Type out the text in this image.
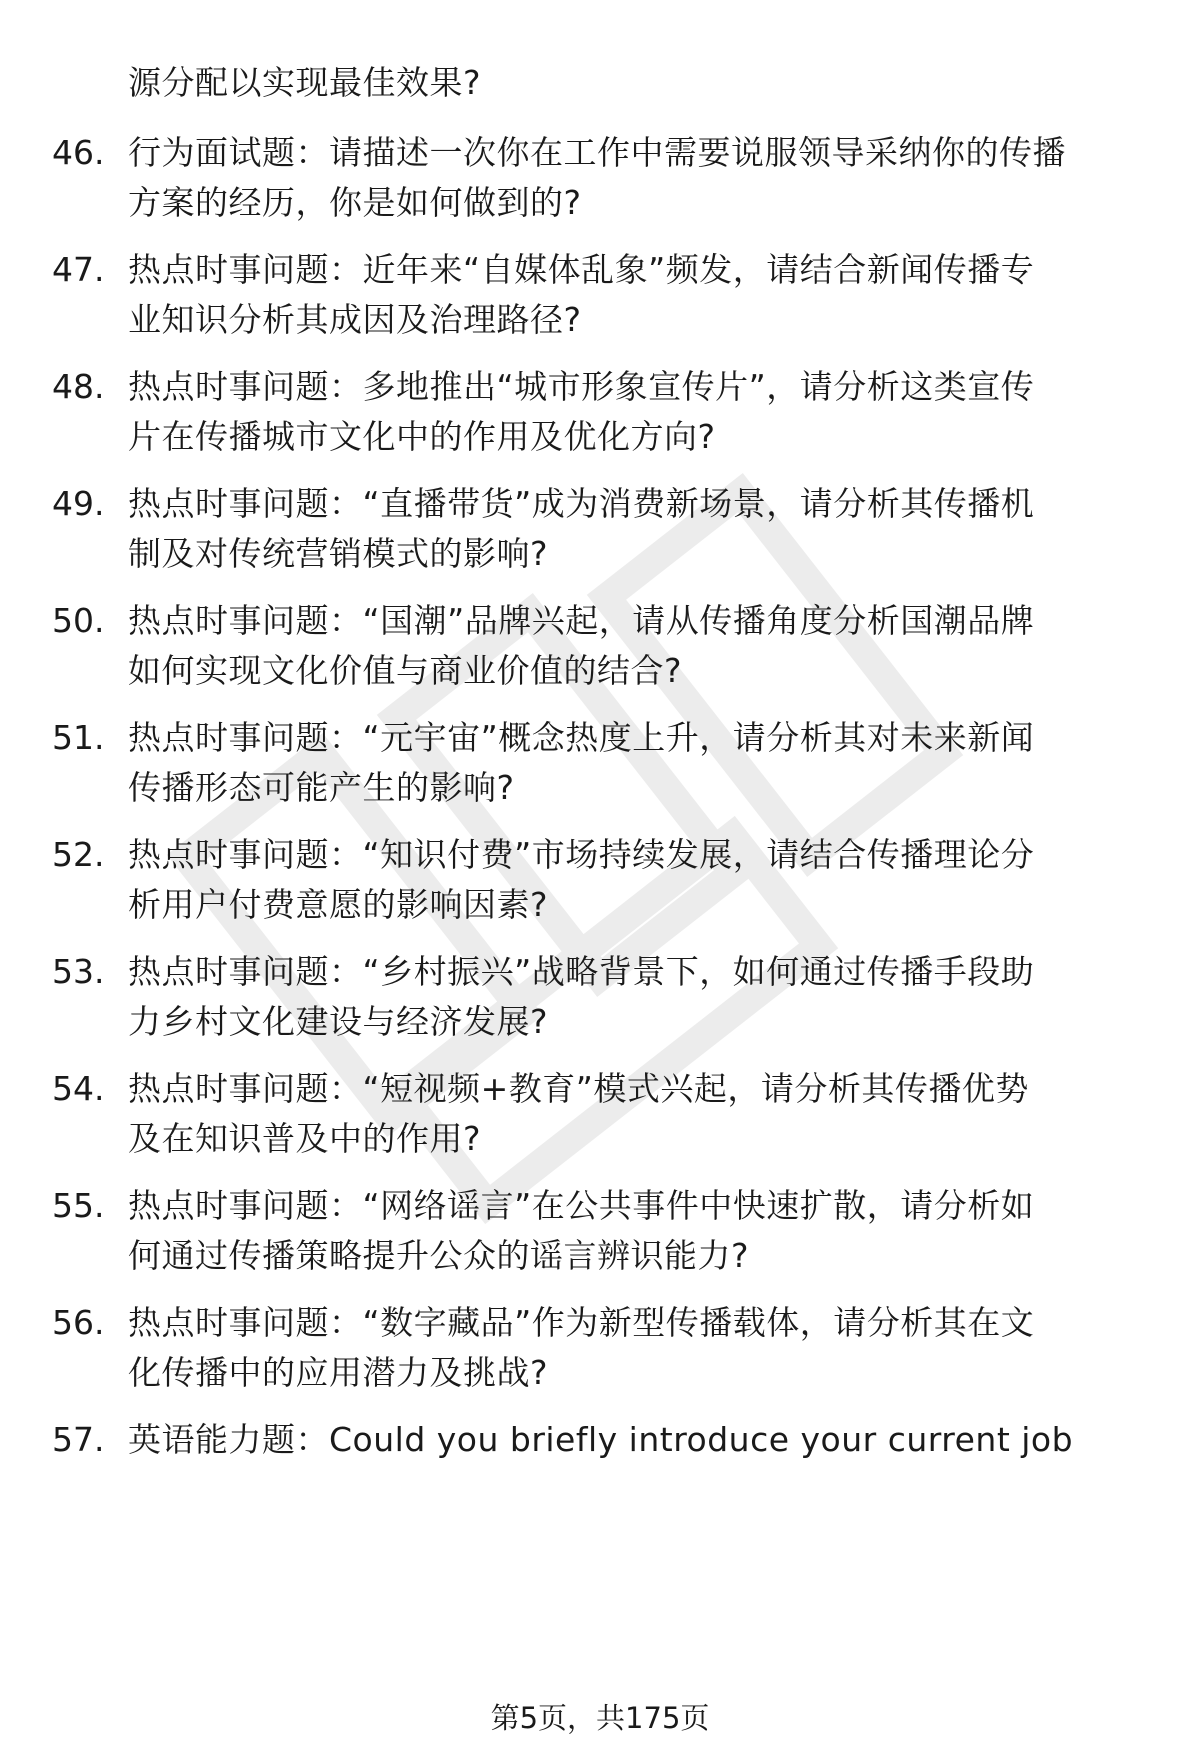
源分配以实现最佳效果?
46. 行为面试题：请描述一次你在工作中需要说服领导采纳你的传播
方案的经历，你是如何做到的?
47. 热点时事问题：近年来“自媒体乱象”频发，请结合新闻传播专
业知识分析其成因及治理路径?
48. 热点时事问题：多地推出“城市形象宣传片”，请分析这类宣传
片在传播城市文化中的作用及优化方向?
49. 热点时事问题：“直播带货”成为消费新场景，请分析其传播机
制及对传统营销模式的影响?
50. 热点时事问题：“国潮”品牌兴起，请从传播角度分析国潮品牌
如何实现文化价值与商业价值的结合?
51. 热点时事问题：“元宇宙”概念热度上升，请分析其对未来新闻
传播形态可能产生的影响?
52. 热点时事问题：“知识付费”市场持续发展，请结合传播理论分
析用户付费意愿的影响因素?
53. 热点时事问题：“乡村振兴”战略背景下，如何通过传播手段助
力乡村文化建设与经济发展?
54. 热点时事问题：“短视频+教育”模式兴起，请分析其传播优势
及在知识普及中的作用?
55. 热点时事问题：“网络谣言”在公共事件中快速扩散，请分析如
何通过传播策略提升公众的谣言辨识能力?
56. 热点时事问题：“数字藏品”作为新型传播载体，请分析其在文
化传播中的应用潜力及挑战?
57. 英语能力题：Could you briefly introduce your current job
第5页，共175页
